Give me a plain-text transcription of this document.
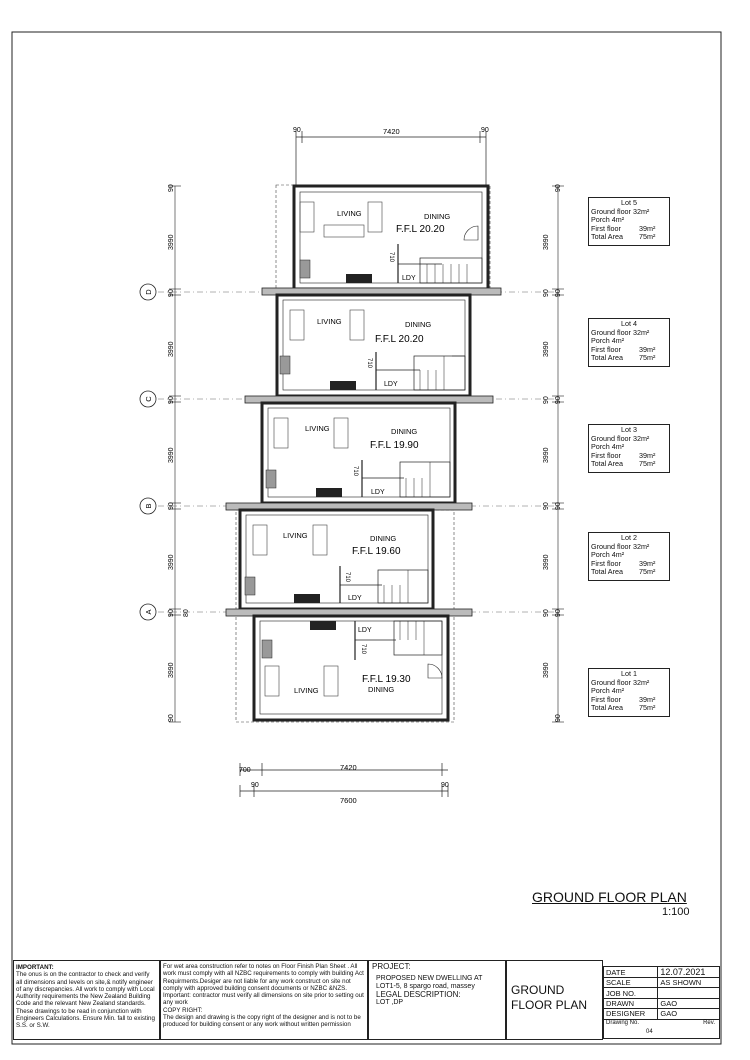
90	7420	90
3990
3990
3990
3990
3990
90
90
90
90
90 80
90
3990
3990
3990
3990
3990
90
90 90
90 90
90 90
90 90
90
D
C
B
A
LIVING	DINING
F.F.L 20.20
LDY
710
LIVING	DINING
F.F.L 20.20
LDY
710
LIVING	DINING
F.F.L 19.90
LDY
710
LIVING	DINING
F.F.L 19.60
LDY
710
LIVING	DINING
F.F.L 19.30
LDY
710
700	7420
90	90
7600
Lot 5
Ground floor 32m²
Porch 4m²
First floor	39m²
Total Area	75m²
Lot 4
Ground floor 32m²
Porch 4m²
First floor	39m²
Total Area	75m²
Lot 3
Ground floor 32m²
Porch 4m²
First floor	39m²
Total Area	75m²
Lot 2
Ground floor 32m²
Porch 4m²
First floor	39m²
Total Area	75m²
Lot 1
Ground floor 32m²
Porch 4m²
First floor	39m²
Total Area	75m²
GROUND FLOOR PLAN
1:100
IMPORTANT:
The onus is on the contractor to check and verify all dimensions and levels on site,& notify engineer of any discrepancies. All work to comply with Local Authority requirements the New Zealand Building Code and the relevant New Zealand standards. These drawings to be read in conjunction with Engineers Calculations. Ensure Min. fall to existing S.S. or S.W.
For wet area construction refer to notes on Floor Finish Plan Sheet . All work must comply with all NZBC requirements to comply with building Act Requirments.Desiger are not liable for any work construct on site not comply with approved building consent documents or NZBC &NZS. Important: contractor must verify all dimensions on site prior to setting out any work
COPY RIGHT:
The design and drawing is the copy right of the designer and is not to be produced for building consent or any work without written permission
PROJECT:
PROPOSED NEW DWELLING AT
LOT1-5, 8 spargo road, massey
LEGAL DESCRIPTION:
LOT ,DP
GROUND
FLOOR PLAN
DATE	12.07.2021
SCALE	AS SHOWN
JOB NO.	
DRAWN	GAO
DESIGNER	GAO
Drawing No. Rev.
04	
